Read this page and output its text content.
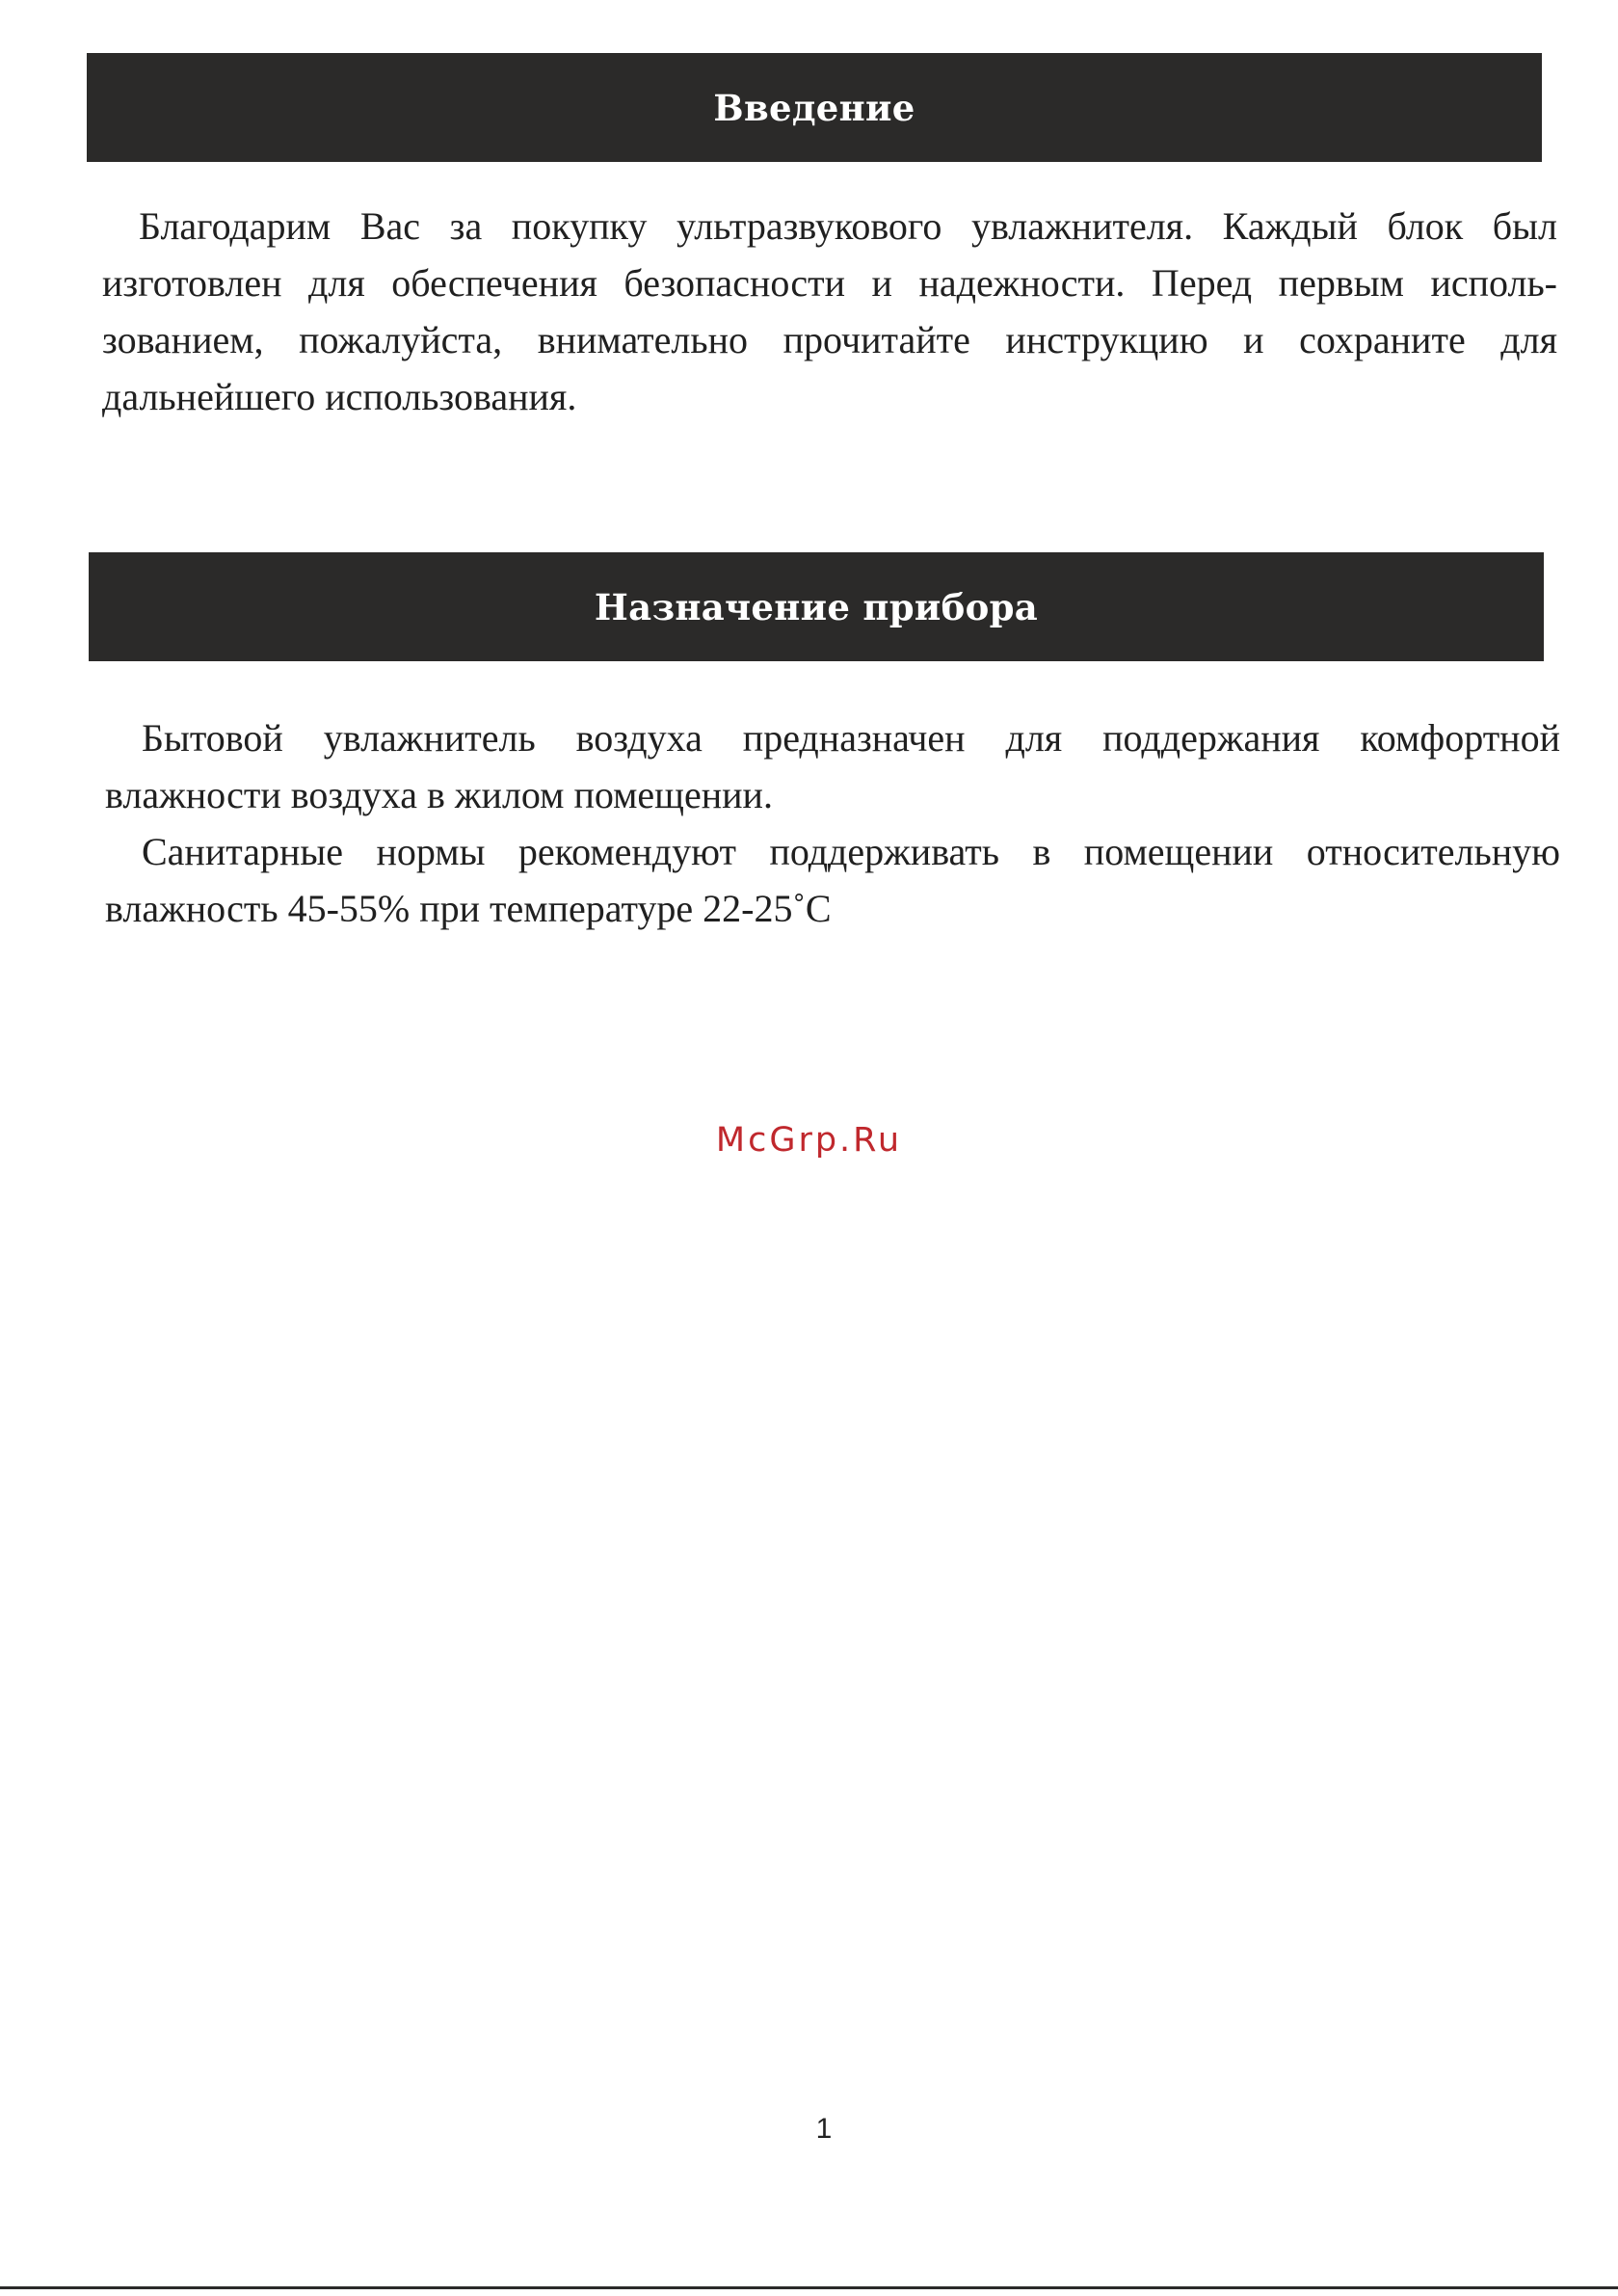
Введение

Благодарим Вас за покупку ультразвукового увлажнителя. Каждый блок был изготовлен для обеспечения безопасности и надежности. Перед первым исполь-зованием, пожалуйста, внимательно прочитайте инструкцию и сохраните для дальнейшего использования.

Назначение прибора

Бытовой увлажнитель воздуха предназначен для поддержания комфортной влажности воздуха в жилом помещении.

Санитарные нормы рекомендуют поддерживать в помещении относительную влажность 45-55% при температуре 22-25˚С

McGrp.Ru
1
